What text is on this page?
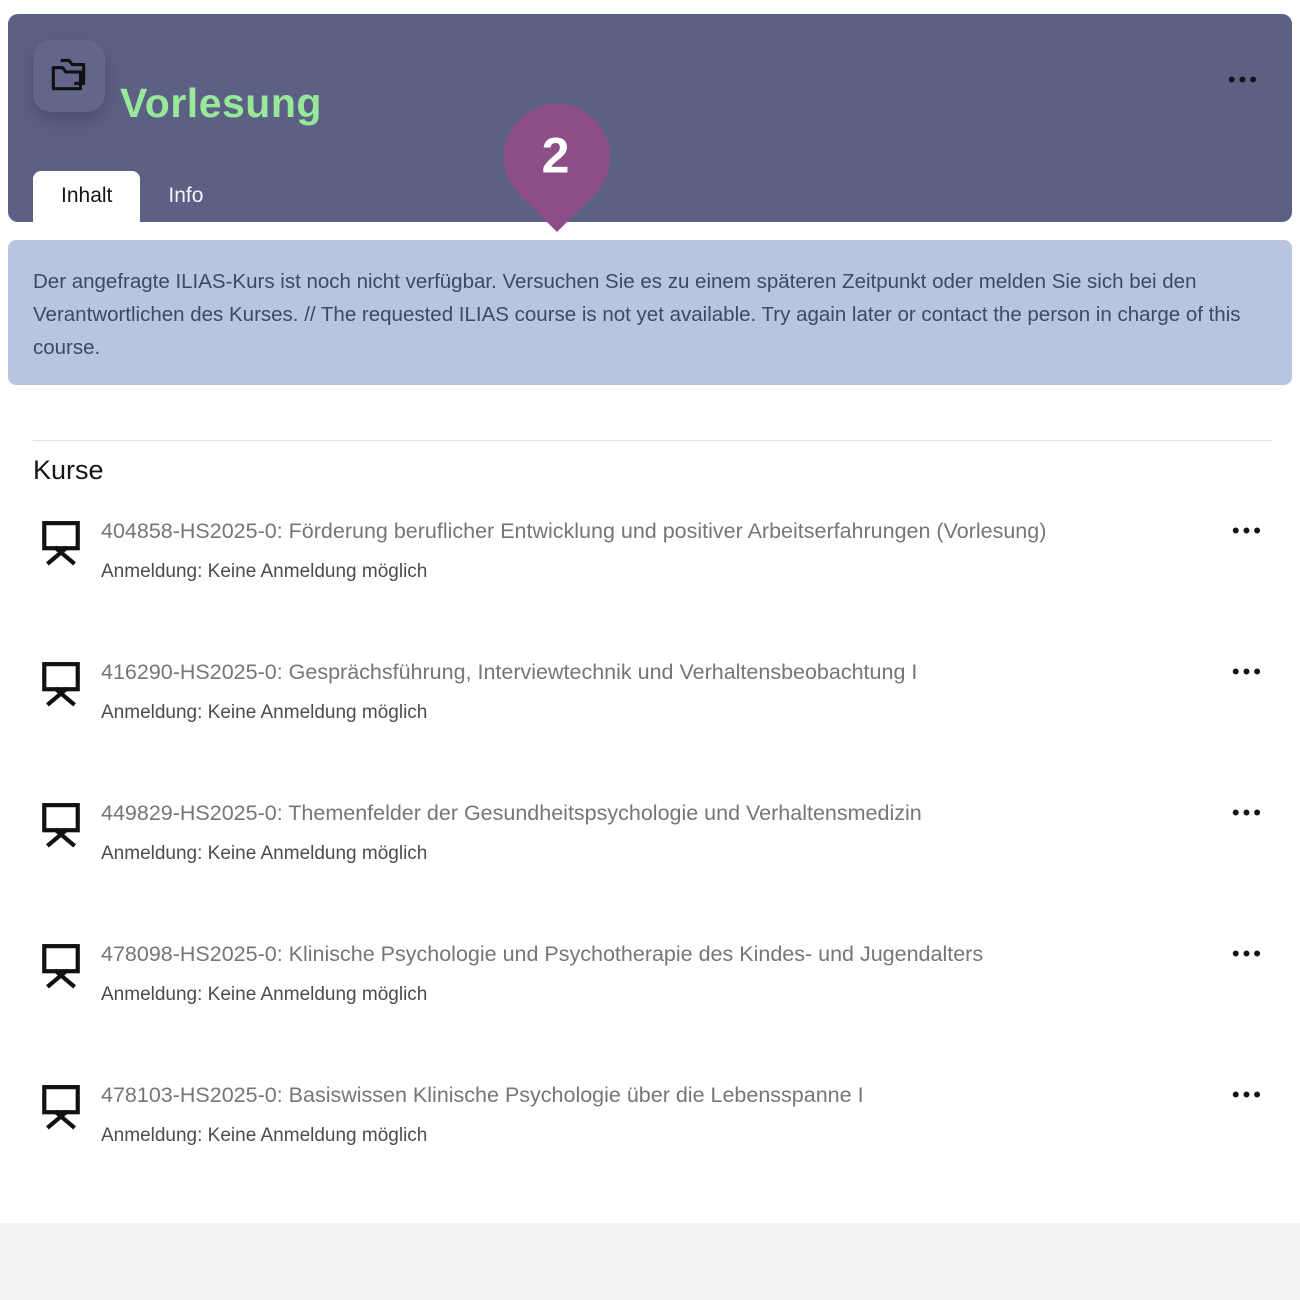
Vorlesung
•••
Inhalt	Info
2
Der angefragte ILIAS-Kurs ist noch nicht verfügbar. Versuchen Sie es zu einem späteren Zeitpunkt oder melden Sie sich bei den Verantwortlichen des Kurses. // The requested ILIAS course is not yet available. Try again later or contact the person in charge of this course.
Kurse
404858-HS2025-0: Förderung beruflicher Entwicklung und positiver Arbeitserfahrungen (Vorlesung)
Anmeldung: Keine Anmeldung möglich
•••
416290-HS2025-0: Gesprächsführung, Interviewtechnik und Verhaltensbeobachtung I
Anmeldung: Keine Anmeldung möglich
•••
449829-HS2025-0: Themenfelder der Gesundheitspsychologie und Verhaltensmedizin
Anmeldung: Keine Anmeldung möglich
•••
478098-HS2025-0: Klinische Psychologie und Psychotherapie des Kindes- und Jugendalters
Anmeldung: Keine Anmeldung möglich
•••
478103-HS2025-0: Basiswissen Klinische Psychologie über die Lebensspanne I
Anmeldung: Keine Anmeldung möglich
•••
